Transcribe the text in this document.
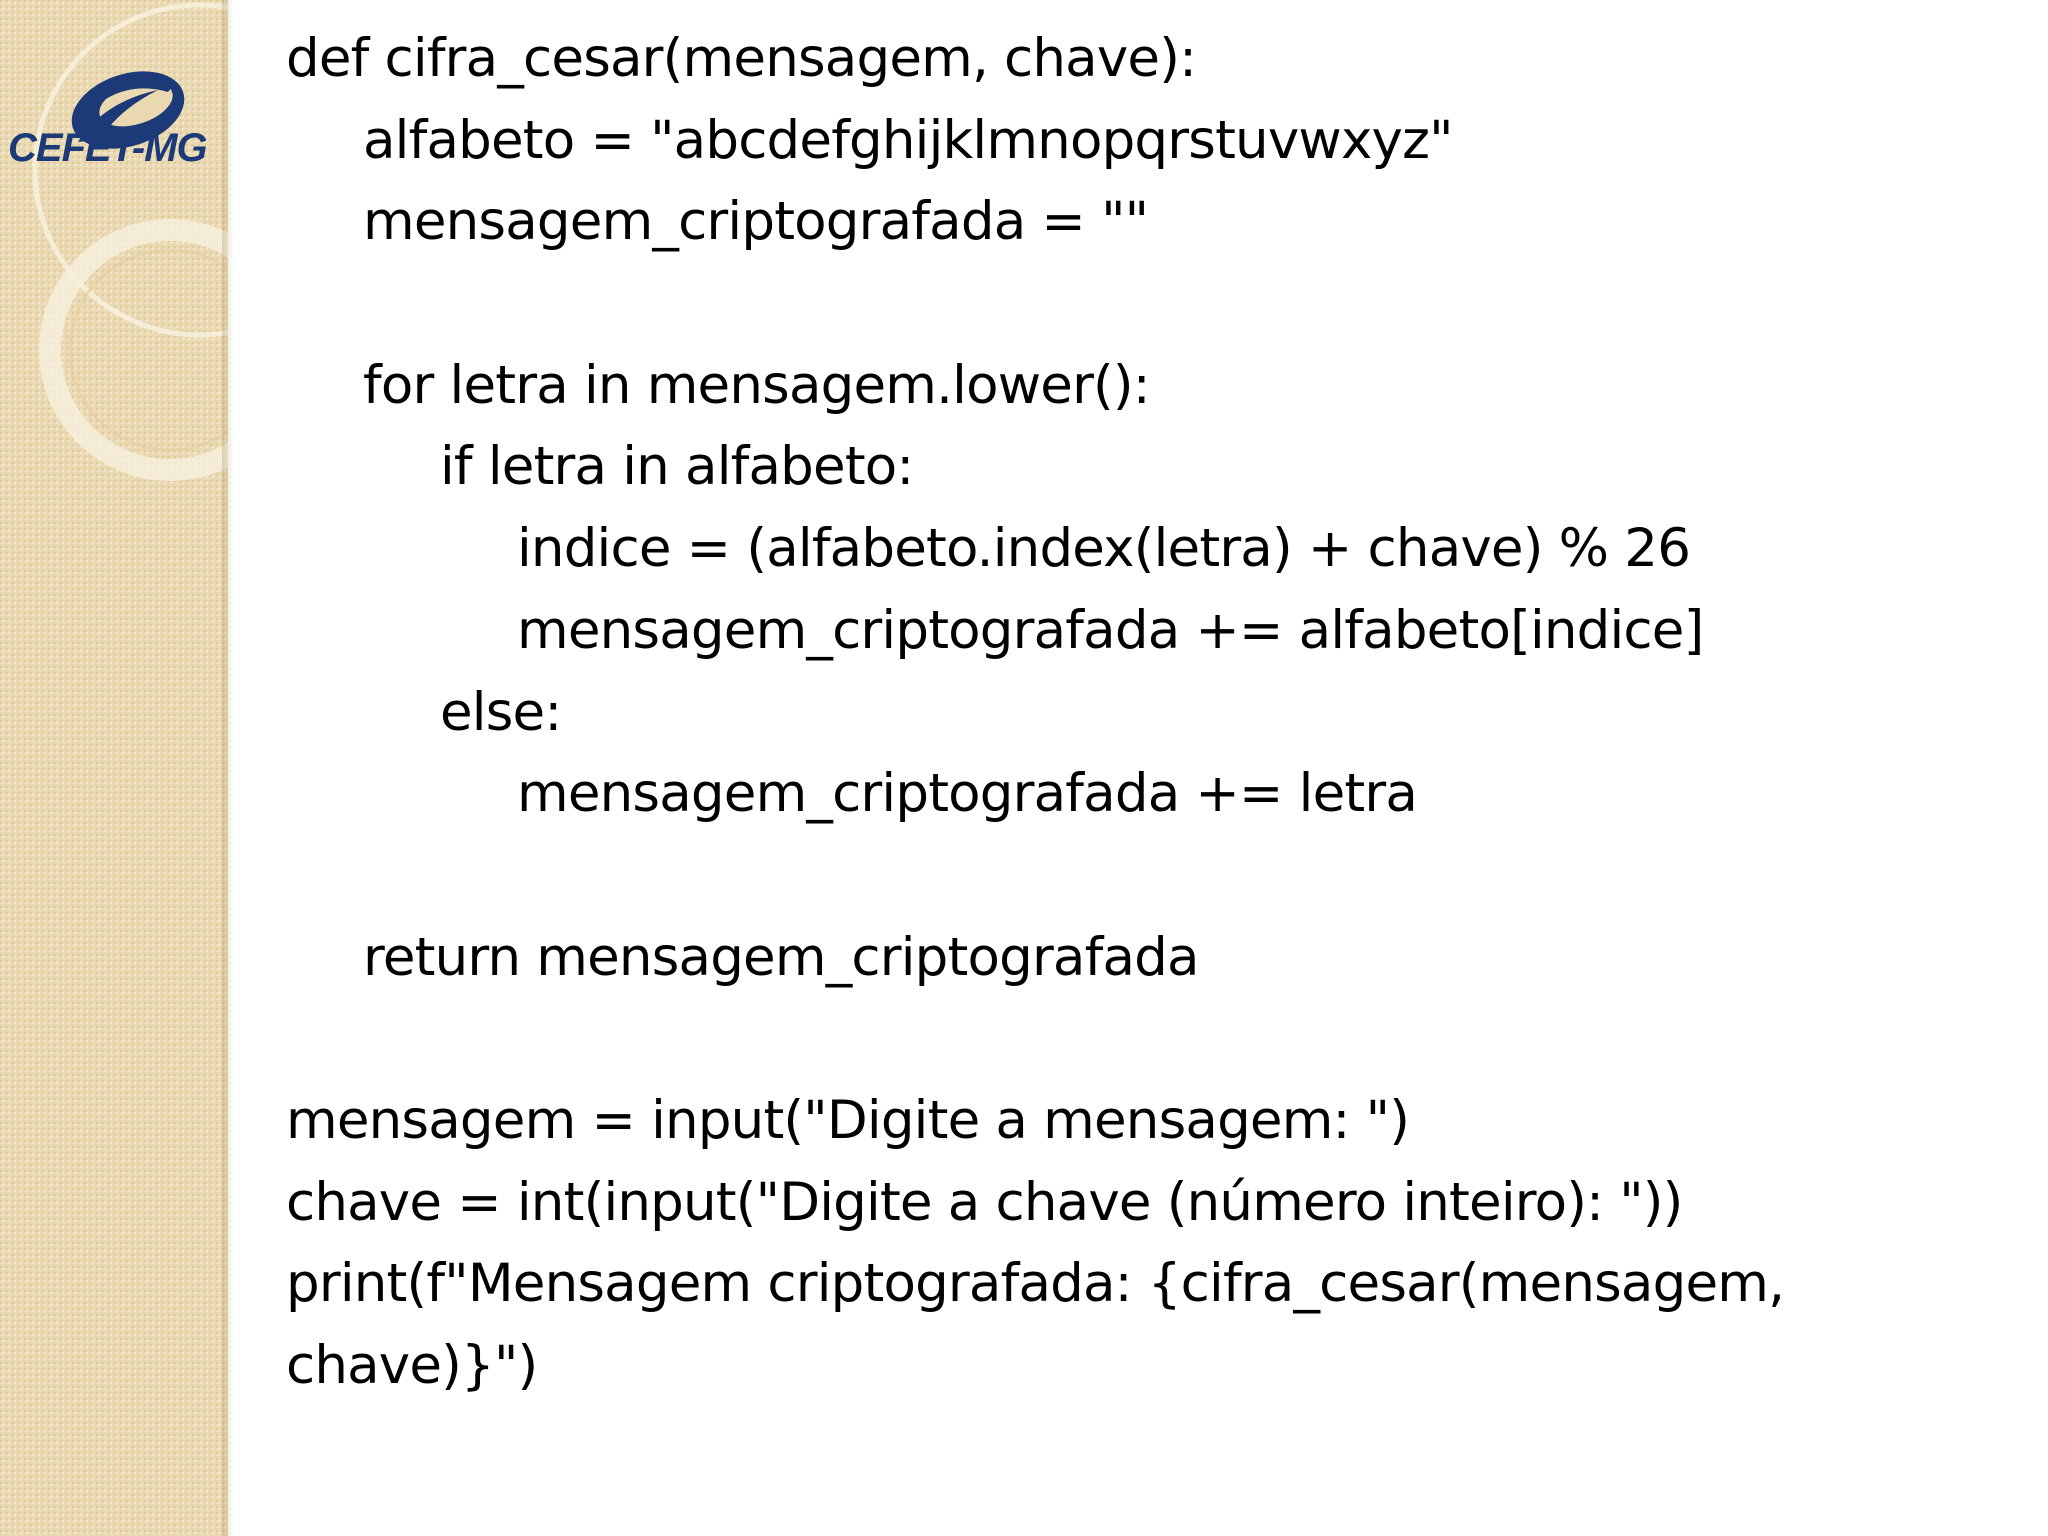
CEFET-MG
def cifra_cesar(mensagem, chave):
alfabeto = "abcdefghijklmnopqrstuvwxyz"
mensagem_criptografada = ""
for letra in mensagem.lower():
if letra in alfabeto:
indice = (alfabeto.index(letra) + chave) % 26
mensagem_criptografada += alfabeto[indice]
else:
mensagem_criptografada += letra
return mensagem_criptografada
mensagem = input("Digite a mensagem: ")
chave = int(input("Digite a chave (número inteiro): "))
print(f"Mensagem criptografada: {cifra_cesar(mensagem,
chave)}")
